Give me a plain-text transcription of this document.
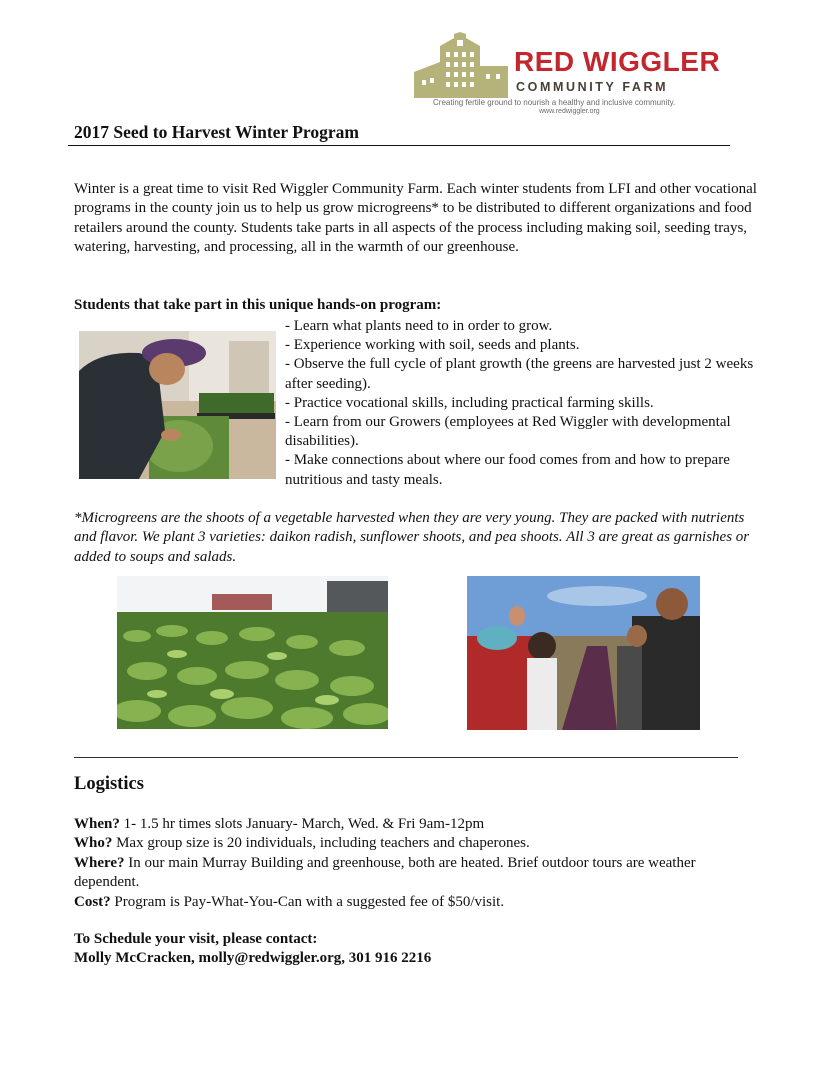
RED WIGGLER
COMMUNITY FARM
Creating fertile ground to nourish a healthy and inclusive community.
www.redwiggler.org
2017 Seed to Harvest Winter Program

Winter is a great time to visit Red Wiggler Community Farm. Each winter students from LFI and other vocational programs in the county join us to help us grow microgreens* to be distributed to different organizations and food retailers around the county. Students take parts in all aspects of the process including making soil, seeding trays, watering, harvesting, and processing, all in the warmth of our greenhouse.

Students that take part in this unique hands-on program:
- Learn what plants need to in order to grow.
- Experience working with soil, seeds and plants.
- Observe the full cycle of plant growth (the greens are harvested just 2 weeks after seeding).
- Practice vocational skills, including practical farming skills.
- Learn from our Growers (employees at Red Wiggler with developmental disabilities).
- Make connections about where our food comes from and how to prepare nutritious and tasty meals.

*Microgreens are the shoots of a vegetable harvested when they are very young. They are packed with nutrients and flavor. We plant 3 varieties: daikon radish, sunflower shoots, and pea shoots. All 3 are great as garnishes or added to soups and salads.

Logistics

When? 1- 1.5 hr times slots January- March, Wed. & Fri 9am-12pm
Who? Max group size is 20 individuals, including teachers and chaperones.
Where? In our main Murray Building and greenhouse, both are heated. Brief outdoor tours are weather dependent.
Cost? Program is Pay-What-You-Can with a suggested fee of $50/visit.

To Schedule your visit, please contact:
Molly McCracken, molly@redwiggler.org, 301 916 2216
